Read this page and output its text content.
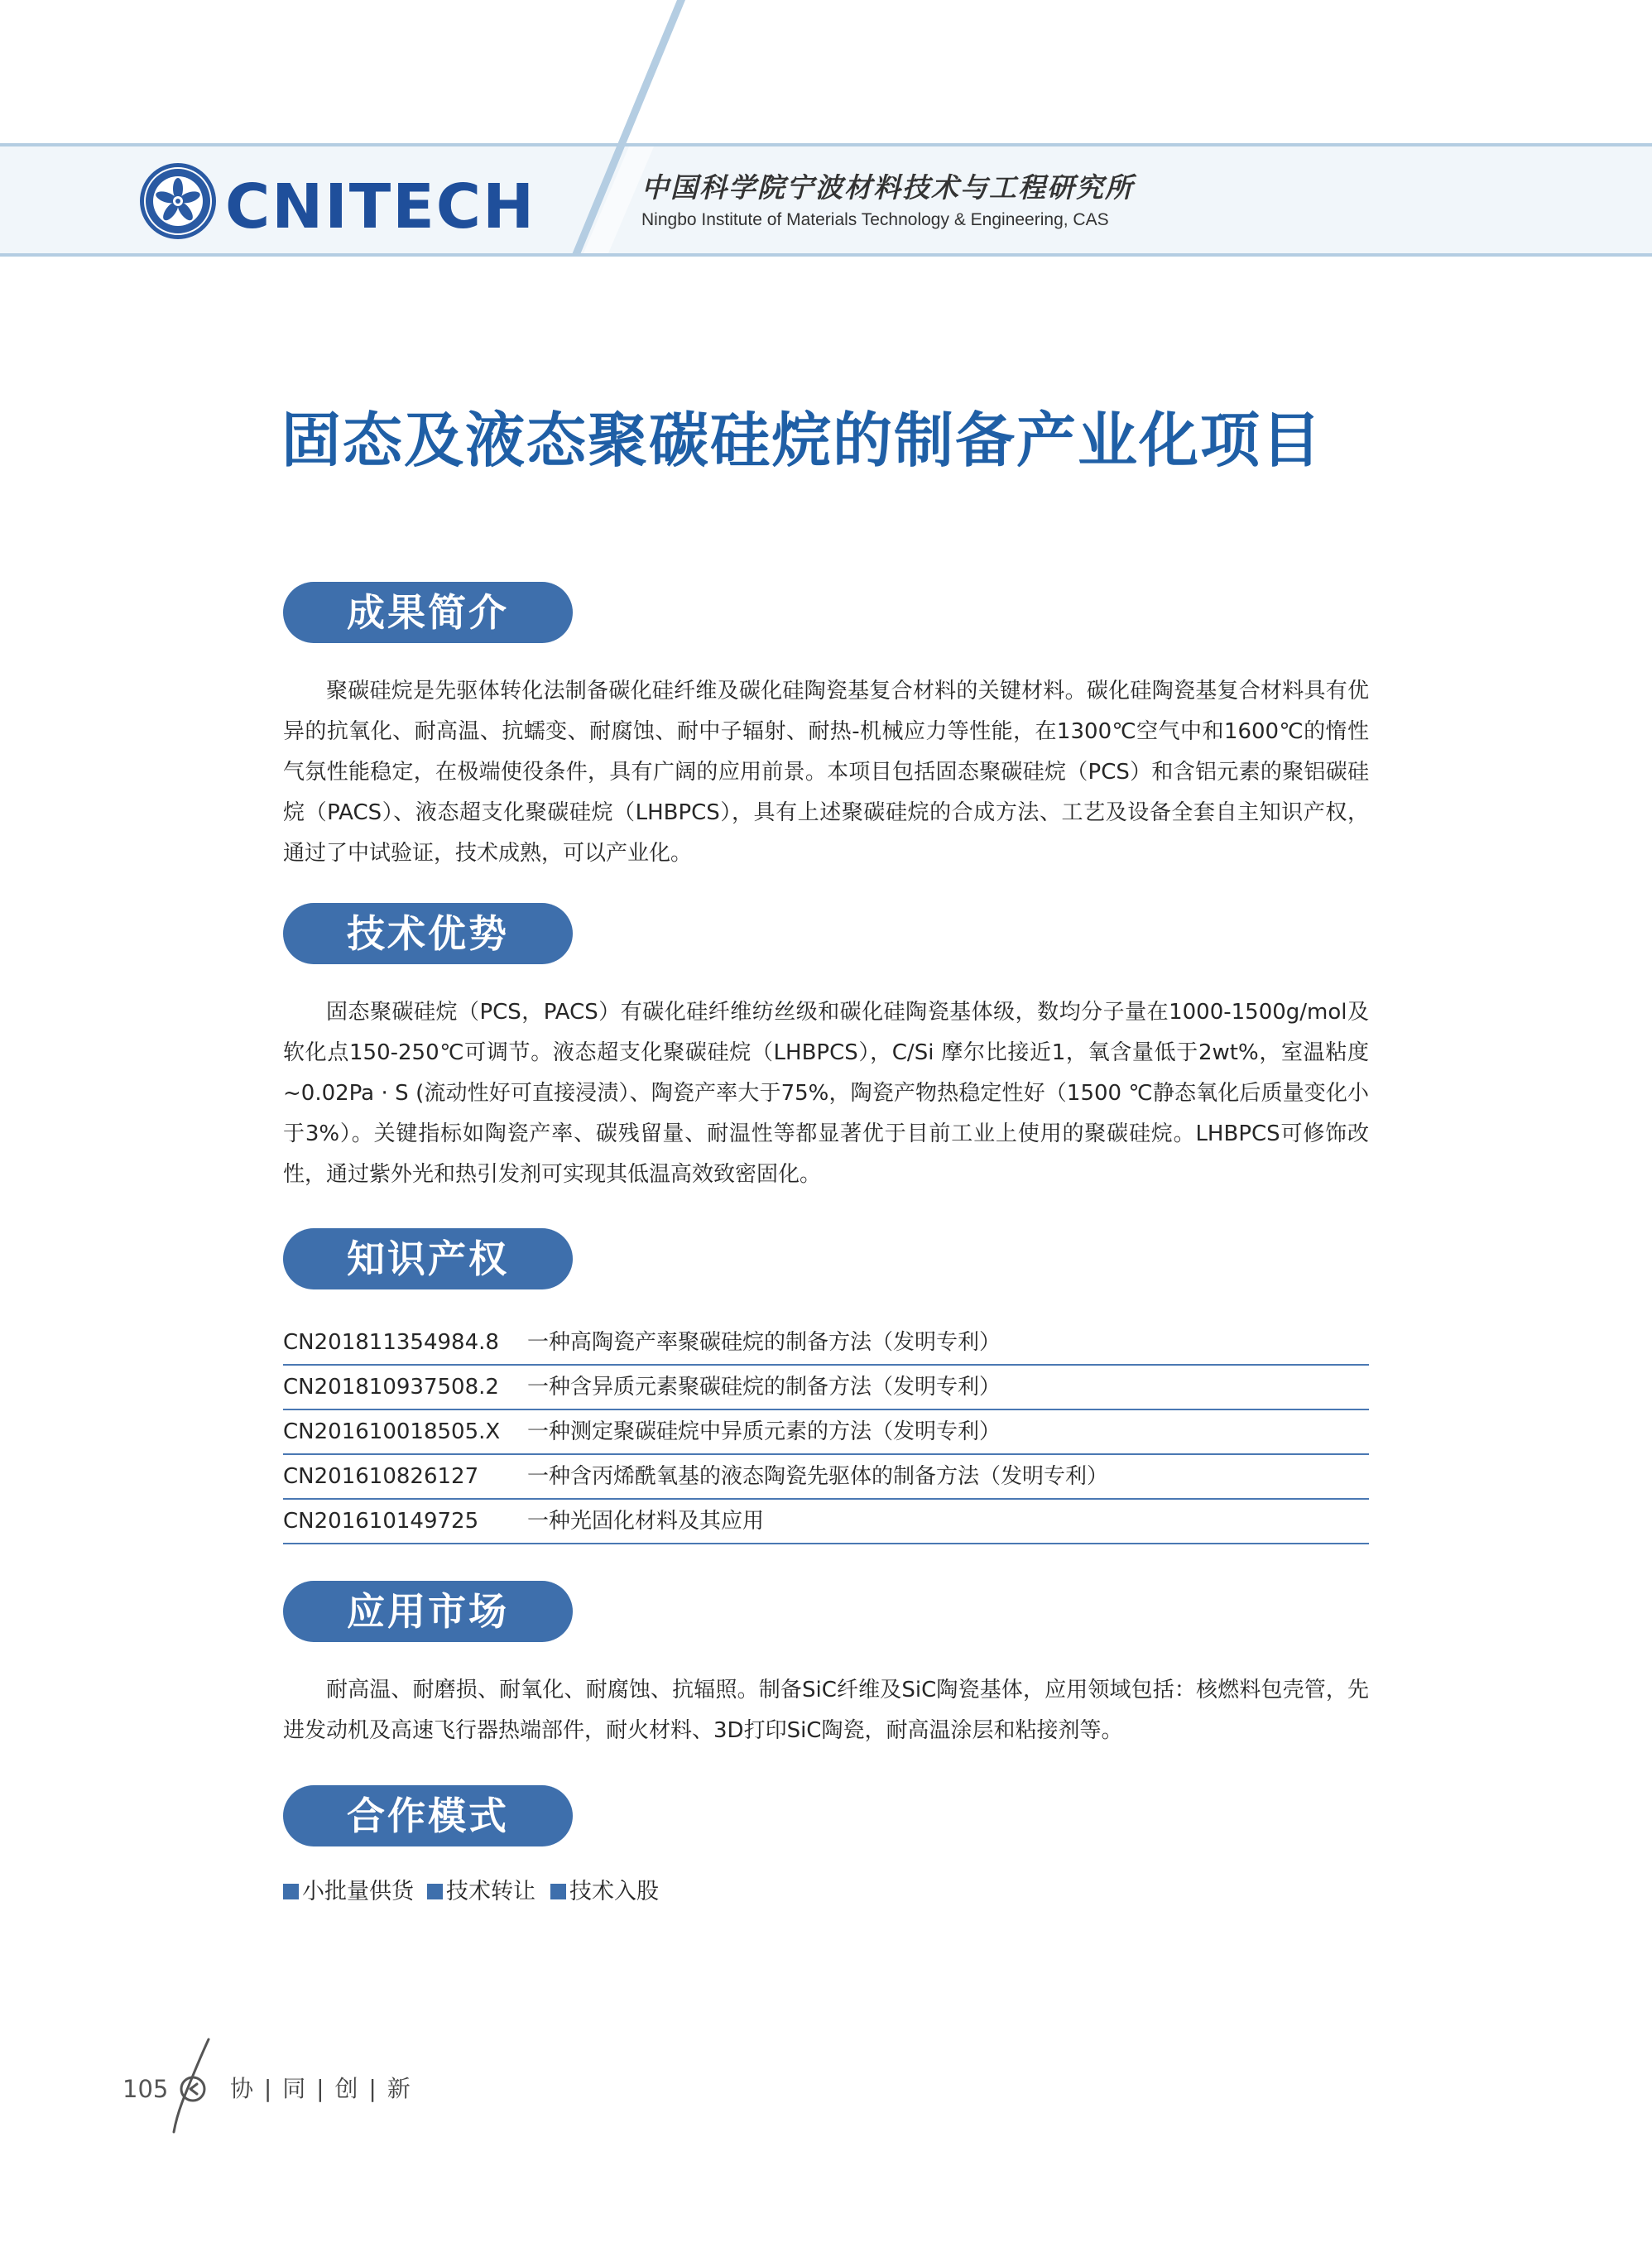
CNITECH	中国科学院宁波材料技术与工程研究所
Ningbo Institute of Materials Technology & Engineering, CAS
固态及液态聚碳硅烷的制备产业化项目
成果简介
聚碳硅烷是先驱体转化法制备碳化硅纤维及碳化硅陶瓷基复合材料的关键材料。碳化硅陶瓷基复合材料具有优异的抗氧化、耐高温、抗蠕变、耐腐蚀、耐中子辐射、耐热-机械应力等性能，在1300℃空气中和1600℃的惰性气氛性能稳定，在极端使役条件，具有广阔的应用前景。本项目包括固态聚碳硅烷（PCS）和含铝元素的聚铝碳硅烷（PACS）、液态超支化聚碳硅烷（LHBPCS），具有上述聚碳硅烷的合成方法、工艺及设备全套自主知识产权，通过了中试验证，技术成熟，可以产业化。
技术优势
固态聚碳硅烷（PCS，PACS）有碳化硅纤维纺丝级和碳化硅陶瓷基体级，数均分子量在1000-1500g/mol及软化点150-250℃可调节。液态超支化聚碳硅烷（LHBPCS），C/Si 摩尔比接近1，氧含量低于2wt%，室温粘度 ~0.02Pa · S (流动性好可直接浸渍）、陶瓷产率大于75%，陶瓷产物热稳定性好（1500 ℃静态氧化后质量变化小于3%）。关键指标如陶瓷产率、碳残留量、耐温性等都显著优于目前工业上使用的聚碳硅烷。LHBPCS可修饰改性，通过紫外光和热引发剂可实现其低温高效致密固化。
知识产权
CN201811354984.8 一种高陶瓷产率聚碳硅烷的制备方法（发明专利）
CN201810937508.2 一种含异质元素聚碳硅烷的制备方法（发明专利）
CN201610018505.X 一种测定聚碳硅烷中异质元素的方法（发明专利）
CN201610826127 一种含丙烯酰氧基的液态陶瓷先驱体的制备方法（发明专利）
CN201610149725 一种光固化材料及其应用
应用市场
耐高温、耐磨损、耐氧化、耐腐蚀、抗辐照。制备SiC纤维及SiC陶瓷基体，应用领域包括：核燃料包壳管，先进发动机及高速飞行器热端部件，耐火材料、3D打印SiC陶瓷，耐高温涂层和粘接剂等。
合作模式
小批量供货	技术转让	技术入股
105	协 | 同 | 创 | 新
